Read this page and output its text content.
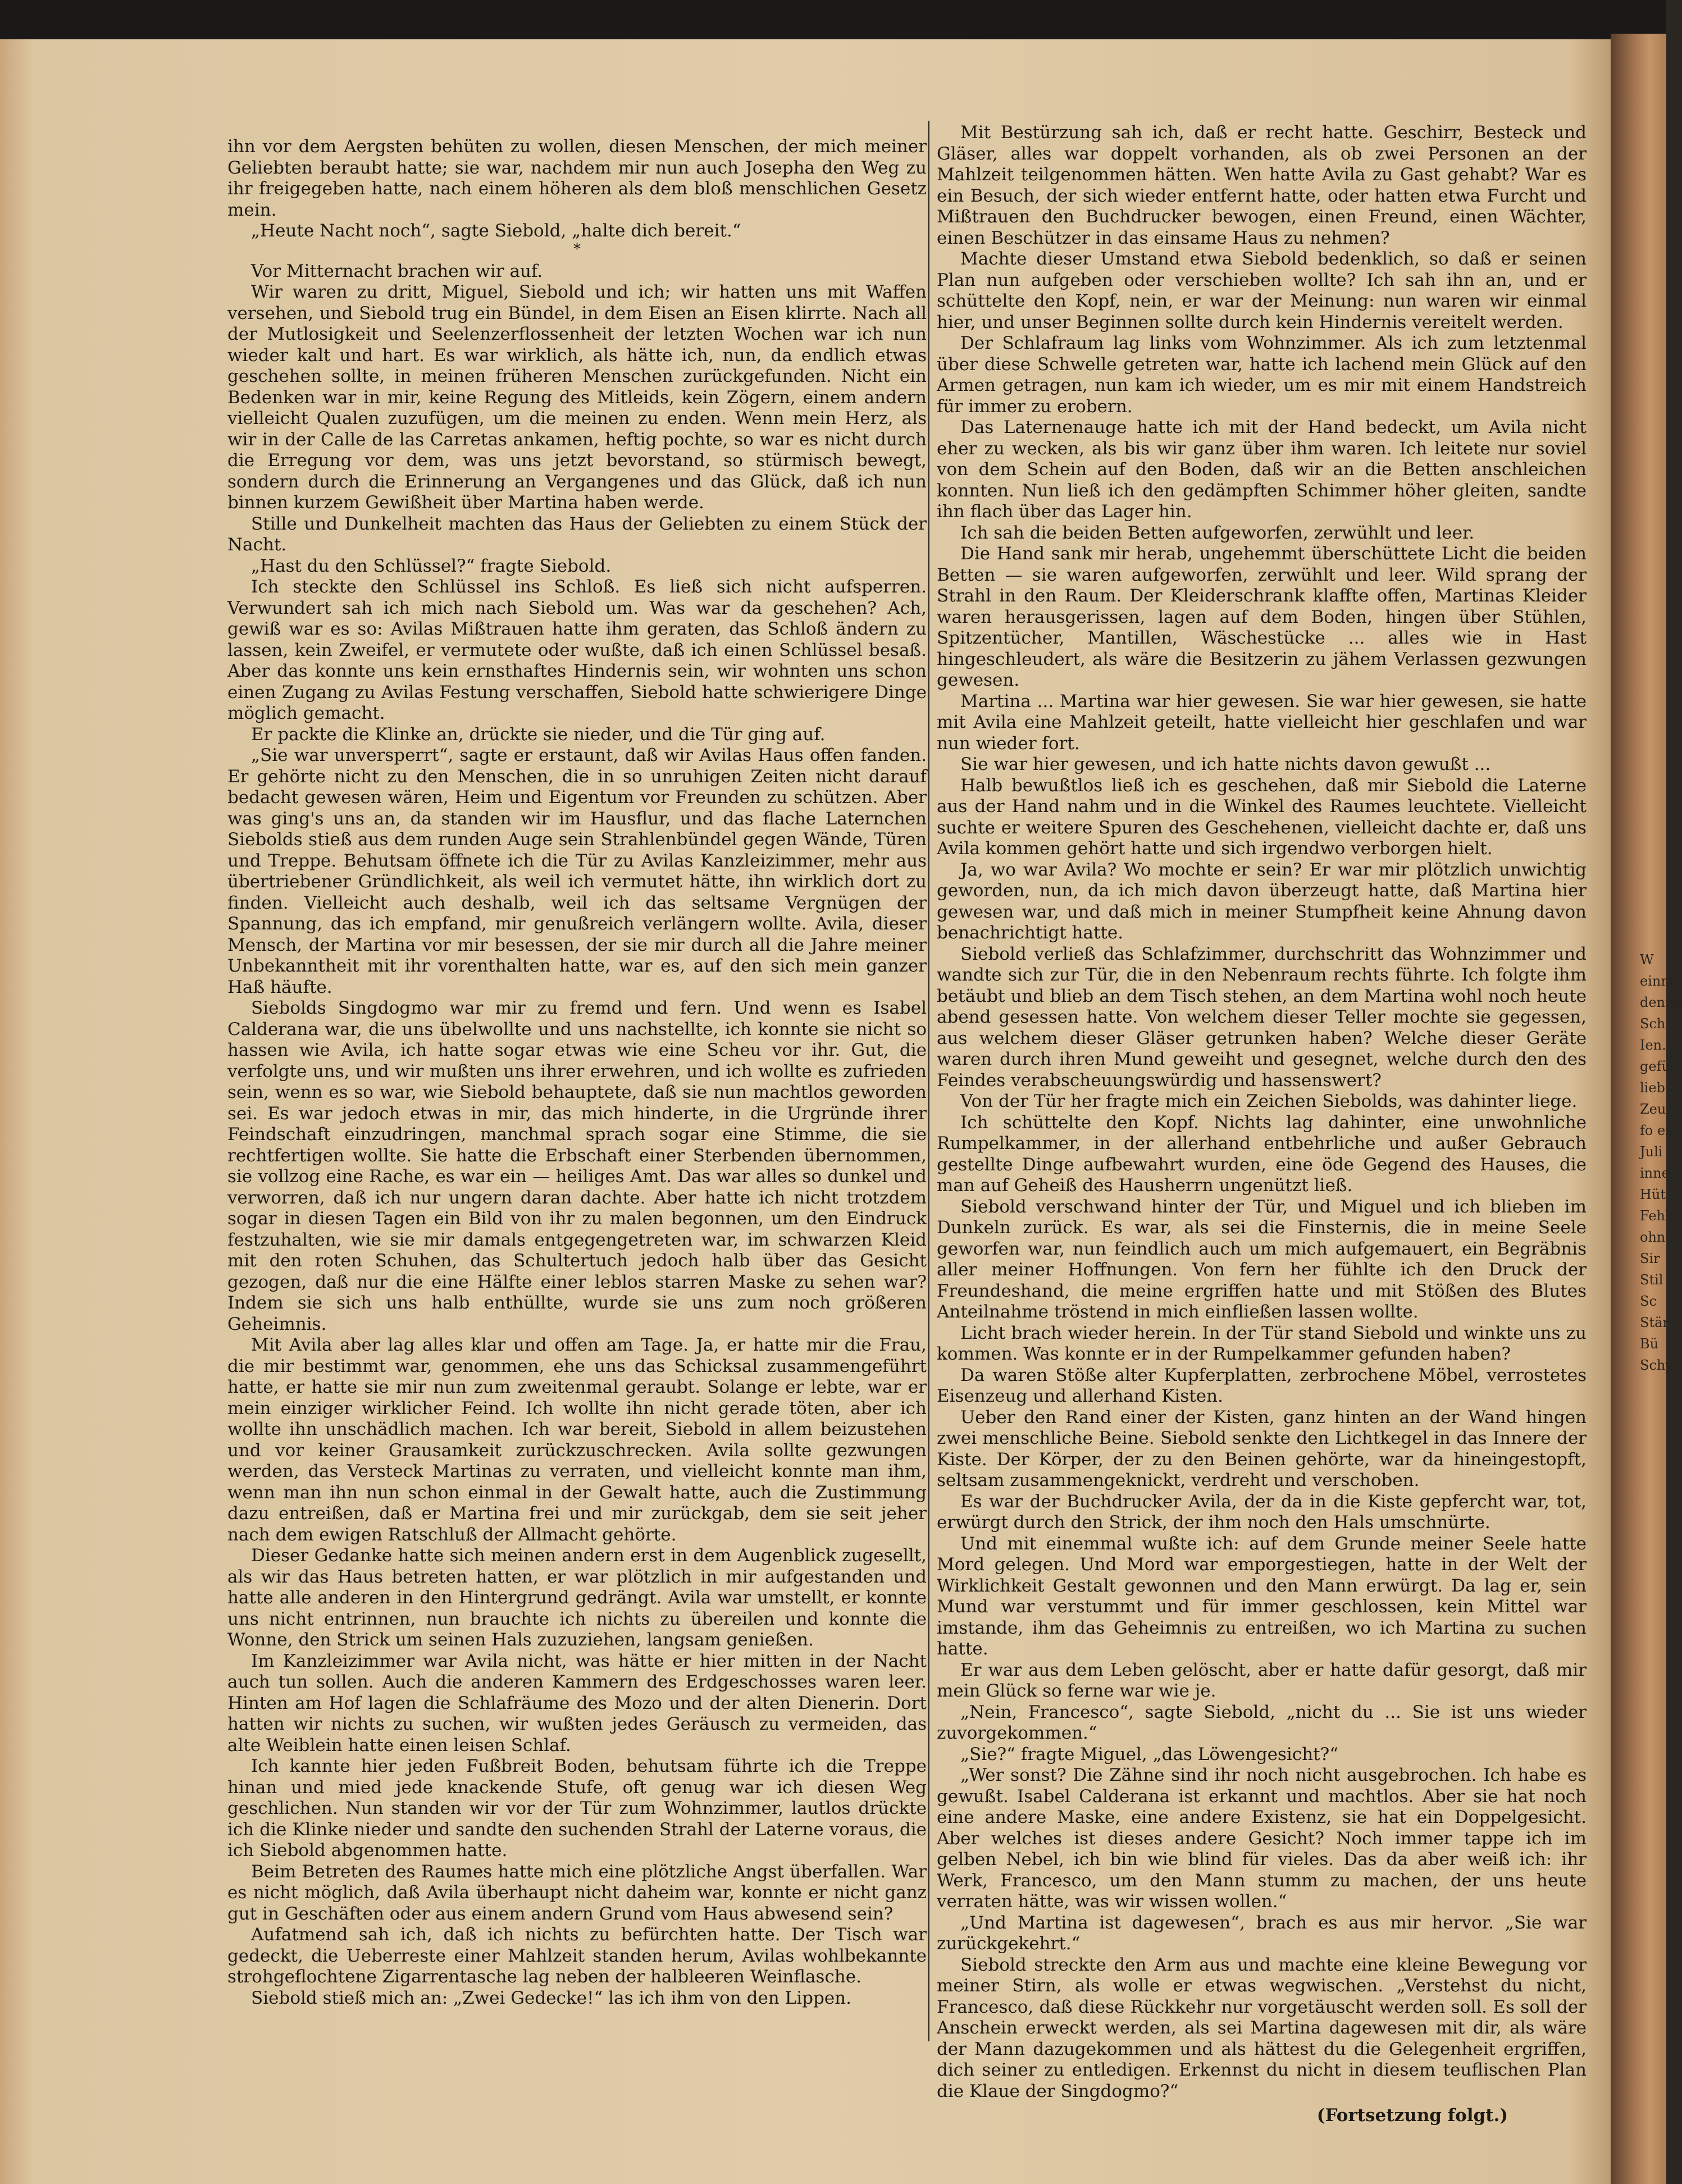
W
einm
denne
Sch
Ien.
gefü
lieb
Zeu
fo ei
Juli
inne
Hüt
Fehl
ohn
Sir
Stil
Sc
Stär
Bü
Schy

ihn vor dem Aergsten behüten zu wollen, diesen Menschen, der mich meiner Geliebten beraubt hatte; sie war, nachdem mir nun auch Josepha den Weg zu ihr freigegeben hatte, nach einem höheren als dem bloß menschlichen Gesetz mein.

„Heute Nacht noch“, sagte Siebold, „halte dich bereit.“

*

Vor Mitternacht brachen wir auf.

Wir waren zu dritt, Miguel, Siebold und ich; wir hatten uns mit Waffen versehen, und Siebold trug ein Bündel, in dem Eisen an Eisen klirrte. Nach all der Mutlosigkeit und Seelenzerflossenheit der letzten Wochen war ich nun wieder kalt und hart. Es war wirklich, als hätte ich, nun, da endlich etwas geschehen sollte, in meinen früheren Menschen zurückgefunden. Nicht ein Bedenken war in mir, keine Regung des Mitleids, kein Zögern, einem andern vielleicht Qualen zuzufügen, um die meinen zu enden. Wenn mein Herz, als wir in der Calle de las Carretas ankamen, heftig pochte, so war es nicht durch die Erregung vor dem, was uns jetzt bevorstand, so stürmisch bewegt, sondern durch die Erinnerung an Vergangenes und das Glück, daß ich nun binnen kurzem Gewißheit über Martina haben werde.

Stille und Dunkelheit machten das Haus der Geliebten zu einem Stück der Nacht.

„Hast du den Schlüssel?“ fragte Siebold.

Ich steckte den Schlüssel ins Schloß. Es ließ sich nicht aufsperren. Verwundert sah ich mich nach Siebold um. Was war da geschehen? Ach, gewiß war es so: Avilas Mißtrauen hatte ihm geraten, das Schloß ändern zu lassen, kein Zweifel, er vermutete oder wußte, daß ich einen Schlüssel besaß. Aber das konnte uns kein ernsthaftes Hindernis sein, wir wohnten uns schon einen Zugang zu Avilas Festung verschaffen, Siebold hatte schwierigere Dinge möglich gemacht.

Er packte die Klinke an, drückte sie nieder, und die Tür ging auf.

„Sie war unversperrt“, sagte er erstaunt, daß wir Avilas Haus offen fanden. Er gehörte nicht zu den Menschen, die in so unruhigen Zeiten nicht darauf bedacht gewesen wären, Heim und Eigentum vor Freunden zu schützen. Aber was ging's uns an, da standen wir im Hausflur, und das flache Laternchen Siebolds stieß aus dem runden Auge sein Strahlenbündel gegen Wände, Türen und Treppe. Behutsam öffnete ich die Tür zu Avilas Kanzleizimmer, mehr aus übertriebener Gründlichkeit, als weil ich vermutet hätte, ihn wirklich dort zu finden. Vielleicht auch deshalb, weil ich das seltsame Vergnügen der Spannung, das ich empfand, mir genußreich verlängern wollte. Avila, dieser Mensch, der Martina vor mir besessen, der sie mir durch all die Jahre meiner Unbekanntheit mit ihr vorenthalten hatte, war es, auf den sich mein ganzer Haß häufte.

Siebolds Singdogmo war mir zu fremd und fern. Und wenn es Isabel Calderana war, die uns übelwollte und uns nachstellte, ich konnte sie nicht so hassen wie Avila, ich hatte sogar etwas wie eine Scheu vor ihr. Gut, die verfolgte uns, und wir mußten uns ihrer erwehren, und ich wollte es zufrieden sein, wenn es so war, wie Siebold behauptete, daß sie nun machtlos geworden sei. Es war jedoch etwas in mir, das mich hinderte, in die Urgründe ihrer Feindschaft einzudringen, manchmal sprach sogar eine Stimme, die sie rechtfertigen wollte. Sie hatte die Erbschaft einer Sterbenden übernommen, sie vollzog eine Rache, es war ein — heiliges Amt. Das war alles so dunkel und verworren, daß ich nur ungern daran dachte. Aber hatte ich nicht trotzdem sogar in diesen Tagen ein Bild von ihr zu malen begonnen, um den Eindruck festzuhalten, wie sie mir damals entgegengetreten war, im schwarzen Kleid mit den roten Schuhen, das Schultertuch jedoch halb über das Gesicht gezogen, daß nur die eine Hälfte einer leblos starren Maske zu sehen war? Indem sie sich uns halb enthüllte, wurde sie uns zum noch größeren Geheimnis.

Mit Avila aber lag alles klar und offen am Tage. Ja, er hatte mir die Frau, die mir bestimmt war, genommen, ehe uns das Schicksal zusammengeführt hatte, er hatte sie mir nun zum zweitenmal geraubt. Solange er lebte, war er mein einziger wirklicher Feind. Ich wollte ihn nicht gerade töten, aber ich wollte ihn unschädlich machen. Ich war bereit, Siebold in allem beizustehen und vor keiner Grausamkeit zurückzuschrecken. Avila sollte gezwungen werden, das Versteck Martinas zu verraten, und vielleicht konnte man ihm, wenn man ihn nun schon einmal in der Gewalt hatte, auch die Zustimmung dazu entreißen, daß er Martina frei und mir zurückgab, dem sie seit jeher nach dem ewigen Ratschluß der Allmacht gehörte.

Dieser Gedanke hatte sich meinen andern erst in dem Augenblick zugesellt, als wir das Haus betreten hatten, er war plötzlich in mir aufgestanden und hatte alle anderen in den Hintergrund gedrängt. Avila war umstellt, er konnte uns nicht entrinnen, nun brauchte ich nichts zu übereilen und konnte die Wonne, den Strick um seinen Hals zuzuziehen, langsam genießen.

Im Kanzleizimmer war Avila nicht, was hätte er hier mitten in der Nacht auch tun sollen. Auch die anderen Kammern des Erdgeschosses waren leer. Hinten am Hof lagen die Schlafräume des Mozo und der alten Dienerin. Dort hatten wir nichts zu suchen, wir wußten jedes Geräusch zu vermeiden, das alte Weiblein hatte einen leisen Schlaf.

Ich kannte hier jeden Fußbreit Boden, behutsam führte ich die Treppe hinan und mied jede knackende Stufe, oft genug war ich diesen Weg geschlichen. Nun standen wir vor der Tür zum Wohnzimmer, lautlos drückte ich die Klinke nieder und sandte den suchenden Strahl der Laterne voraus, die ich Siebold abgenommen hatte.

Beim Betreten des Raumes hatte mich eine plötzliche Angst überfallen. War es nicht möglich, daß Avila überhaupt nicht daheim war, konnte er nicht ganz gut in Geschäften oder aus einem andern Grund vom Haus abwesend sein?

Aufatmend sah ich, daß ich nichts zu befürchten hatte. Der Tisch war gedeckt, die Ueberreste einer Mahlzeit standen herum, Avilas wohlbekannte strohgeflochtene Zigarrentasche lag neben der halbleeren Weinflasche.

Siebold stieß mich an: „Zwei Gedecke!“ las ich ihm von den Lippen.

Mit Bestürzung sah ich, daß er recht hatte. Geschirr, Besteck und Gläser, alles war doppelt vorhanden, als ob zwei Personen an der Mahlzeit teilgenommen hätten. Wen hatte Avila zu Gast gehabt? War es ein Besuch, der sich wieder entfernt hatte, oder hatten etwa Furcht und Mißtrauen den Buchdrucker bewogen, einen Freund, einen Wächter, einen Beschützer in das einsame Haus zu nehmen?

Machte dieser Umstand etwa Siebold bedenklich, so daß er seinen Plan nun aufgeben oder verschieben wollte? Ich sah ihn an, und er schüttelte den Kopf, nein, er war der Meinung: nun waren wir einmal hier, und unser Beginnen sollte durch kein Hindernis vereitelt werden.

Der Schlafraum lag links vom Wohnzimmer. Als ich zum letztenmal über diese Schwelle getreten war, hatte ich lachend mein Glück auf den Armen getragen, nun kam ich wieder, um es mir mit einem Handstreich für immer zu erobern.

Das Laternenauge hatte ich mit der Hand bedeckt, um Avila nicht eher zu wecken, als bis wir ganz über ihm waren. Ich leitete nur soviel von dem Schein auf den Boden, daß wir an die Betten anschleichen konnten. Nun ließ ich den gedämpften Schimmer höher gleiten, sandte ihn flach über das Lager hin.

Ich sah die beiden Betten aufgeworfen, zerwühlt und leer.

Die Hand sank mir herab, ungehemmt überschüttete Licht die beiden Betten — sie waren aufgeworfen, zerwühlt und leer. Wild sprang der Strahl in den Raum. Der Kleiderschrank klaffte offen, Martinas Kleider waren herausgerissen, lagen auf dem Boden, hingen über Stühlen, Spitzentücher, Mantillen, Wäschestücke ... alles wie in Hast hingeschleudert, als wäre die Besitzerin zu jähem Verlassen gezwungen gewesen.

Martina ... Martina war hier gewesen. Sie war hier gewesen, sie hatte mit Avila eine Mahlzeit geteilt, hatte vielleicht hier geschlafen und war nun wieder fort.

Sie war hier gewesen, und ich hatte nichts davon gewußt ...

Halb bewußtlos ließ ich es geschehen, daß mir Siebold die Laterne aus der Hand nahm und in die Winkel des Raumes leuchtete. Vielleicht suchte er weitere Spuren des Geschehenen, vielleicht dachte er, daß uns Avila kommen gehört hatte und sich irgendwo verborgen hielt.

Ja, wo war Avila? Wo mochte er sein? Er war mir plötzlich unwichtig geworden, nun, da ich mich davon überzeugt hatte, daß Martina hier gewesen war, und daß mich in meiner Stumpfheit keine Ahnung davon benachrichtigt hatte.

Siebold verließ das Schlafzimmer, durchschritt das Wohnzimmer und wandte sich zur Tür, die in den Nebenraum rechts führte. Ich folgte ihm betäubt und blieb an dem Tisch stehen, an dem Martina wohl noch heute abend gesessen hatte. Von welchem dieser Teller mochte sie gegessen, aus welchem dieser Gläser getrunken haben? Welche dieser Geräte waren durch ihren Mund geweiht und gesegnet, welche durch den des Feindes verabscheuungswürdig und hassenswert?

Von der Tür her fragte mich ein Zeichen Siebolds, was dahinter liege.

Ich schüttelte den Kopf. Nichts lag dahinter, eine unwohnliche Rumpelkammer, in der allerhand entbehrliche und außer Gebrauch gestellte Dinge aufbewahrt wurden, eine öde Gegend des Hauses, die man auf Geheiß des Hausherrn ungenützt ließ.

Siebold verschwand hinter der Tür, und Miguel und ich blieben im Dunkeln zurück. Es war, als sei die Finsternis, die in meine Seele geworfen war, nun feindlich auch um mich aufgemauert, ein Begräbnis aller meiner Hoffnungen. Von fern her fühlte ich den Druck der Freundeshand, die meine ergriffen hatte und mit Stößen des Blutes Anteilnahme tröstend in mich einfließen lassen wollte.

Licht brach wieder herein. In der Tür stand Siebold und winkte uns zu kommen. Was konnte er in der Rumpelkammer gefunden haben?

Da waren Stöße alter Kupferplatten, zerbrochene Möbel, verrostetes Eisenzeug und allerhand Kisten.

Ueber den Rand einer der Kisten, ganz hinten an der Wand hingen zwei menschliche Beine. Siebold senkte den Lichtkegel in das Innere der Kiste. Der Körper, der zu den Beinen gehörte, war da hineingestopft, seltsam zusammengeknickt, verdreht und verschoben.

Es war der Buchdrucker Avila, der da in die Kiste gepfercht war, tot, erwürgt durch den Strick, der ihm noch den Hals umschnürte.

Und mit einemmal wußte ich: auf dem Grunde meiner Seele hatte Mord gelegen. Und Mord war emporgestiegen, hatte in der Welt der Wirklichkeit Gestalt gewonnen und den Mann erwürgt. Da lag er, sein Mund war verstummt und für immer geschlossen, kein Mittel war imstande, ihm das Geheimnis zu entreißen, wo ich Martina zu suchen hatte.

Er war aus dem Leben gelöscht, aber er hatte dafür gesorgt, daß mir mein Glück so ferne war wie je.

„Nein, Francesco“, sagte Siebold, „nicht du ... Sie ist uns wieder zuvorgekommen.“

„Sie?“ fragte Miguel, „das Löwengesicht?“

„Wer sonst? Die Zähne sind ihr noch nicht ausgebrochen. Ich habe es gewußt. Isabel Calderana ist erkannt und machtlos. Aber sie hat noch eine andere Maske, eine andere Existenz, sie hat ein Doppelgesicht. Aber welches ist dieses andere Gesicht? Noch immer tappe ich im gelben Nebel, ich bin wie blind für vieles. Das da aber weiß ich: ihr Werk, Francesco, um den Mann stumm zu machen, der uns heute verraten hätte, was wir wissen wollen.“

„Und Martina ist dagewesen“, brach es aus mir hervor. „Sie war zurückgekehrt.“

Siebold streckte den Arm aus und machte eine kleine Bewegung vor meiner Stirn, als wolle er etwas wegwischen. „Verstehst du nicht, Francesco, daß diese Rückkehr nur vorgetäuscht werden soll. Es soll der Anschein erweckt werden, als sei Martina dagewesen mit dir, als wäre der Mann dazugekommen und als hättest du die Gelegenheit ergriffen, dich seiner zu entledigen. Erkennst du nicht in diesem teuflischen Plan die Klaue der Singdogmo?“

(Fortsetzung folgt.)
